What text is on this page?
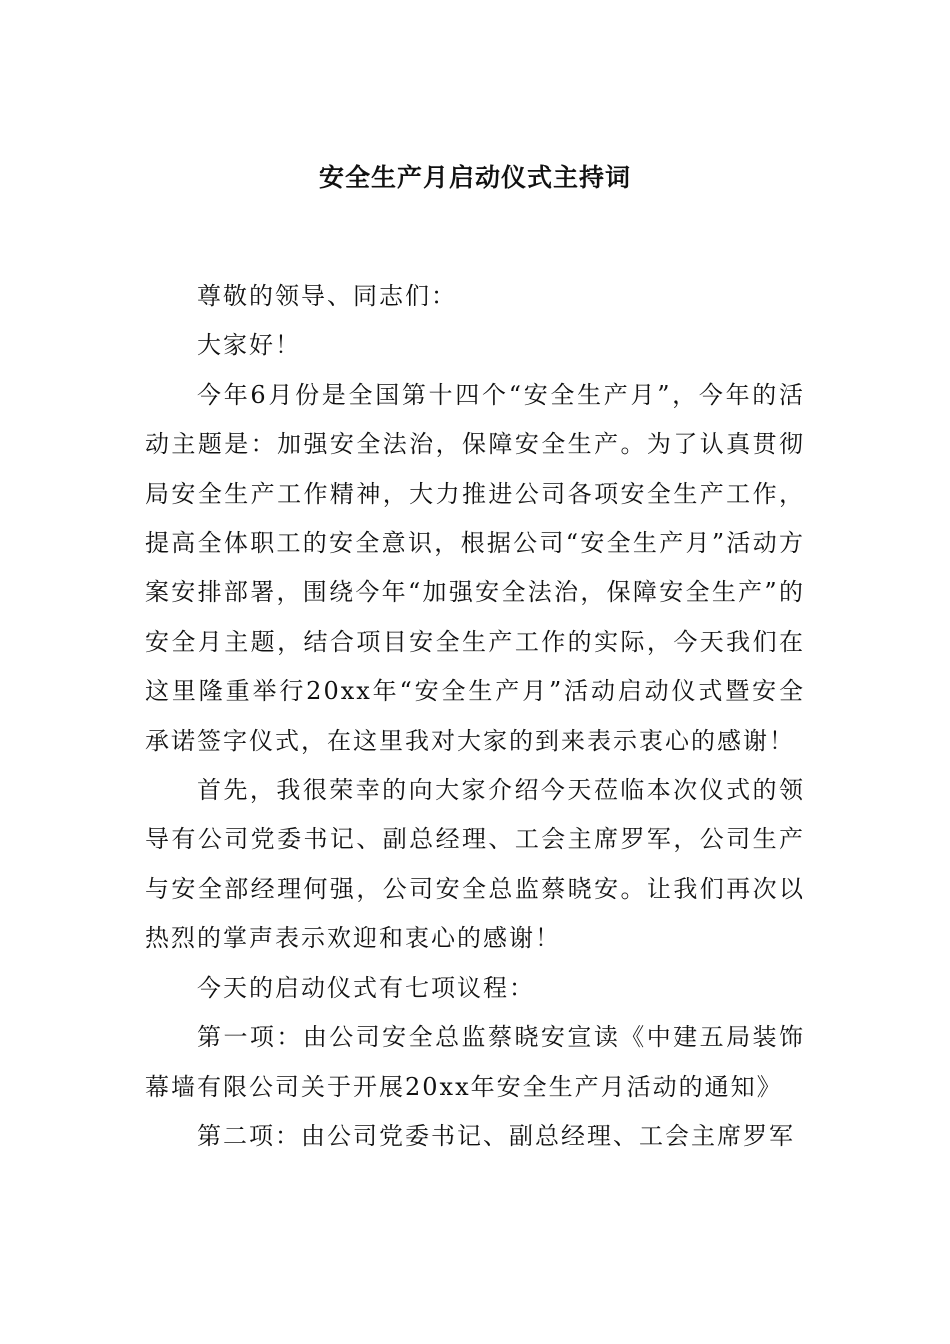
安全生产月启动仪式主持词

尊敬的领导、同志们：

大家好！

今年6月份是全国第十四个“安全生产月”，今年的活动主题是：加强安全法治，保障安全生产。为了认真贯彻局安全生产工作精神，大力推进公司各项安全生产工作，提高全体职工的安全意识，根据公司“安全生产月”活动方案安排部署，围绕今年“加强安全法治，保障安全生产”的安全月主题，结合项目安全生产工作的实际，今天我们在这里隆重举行20xx年“安全生产月”活动启动仪式暨安全承诺签字仪式，在这里我对大家的到来表示衷心的感谢！

首先，我很荣幸的向大家介绍今天莅临本次仪式的领导有公司党委书记、副总经理、工会主席罗军，公司生产与安全部经理何强，公司安全总监蔡晓安。让我们再次以热烈的掌声表示欢迎和衷心的感谢！

今天的启动仪式有七项议程：

第一项：由公司安全总监蔡晓安宣读《中建五局装饰幕墙有限公司关于开展20xx年安全生产月活动的通知》

第二项：由公司党委书记、副总经理、工会主席罗军
